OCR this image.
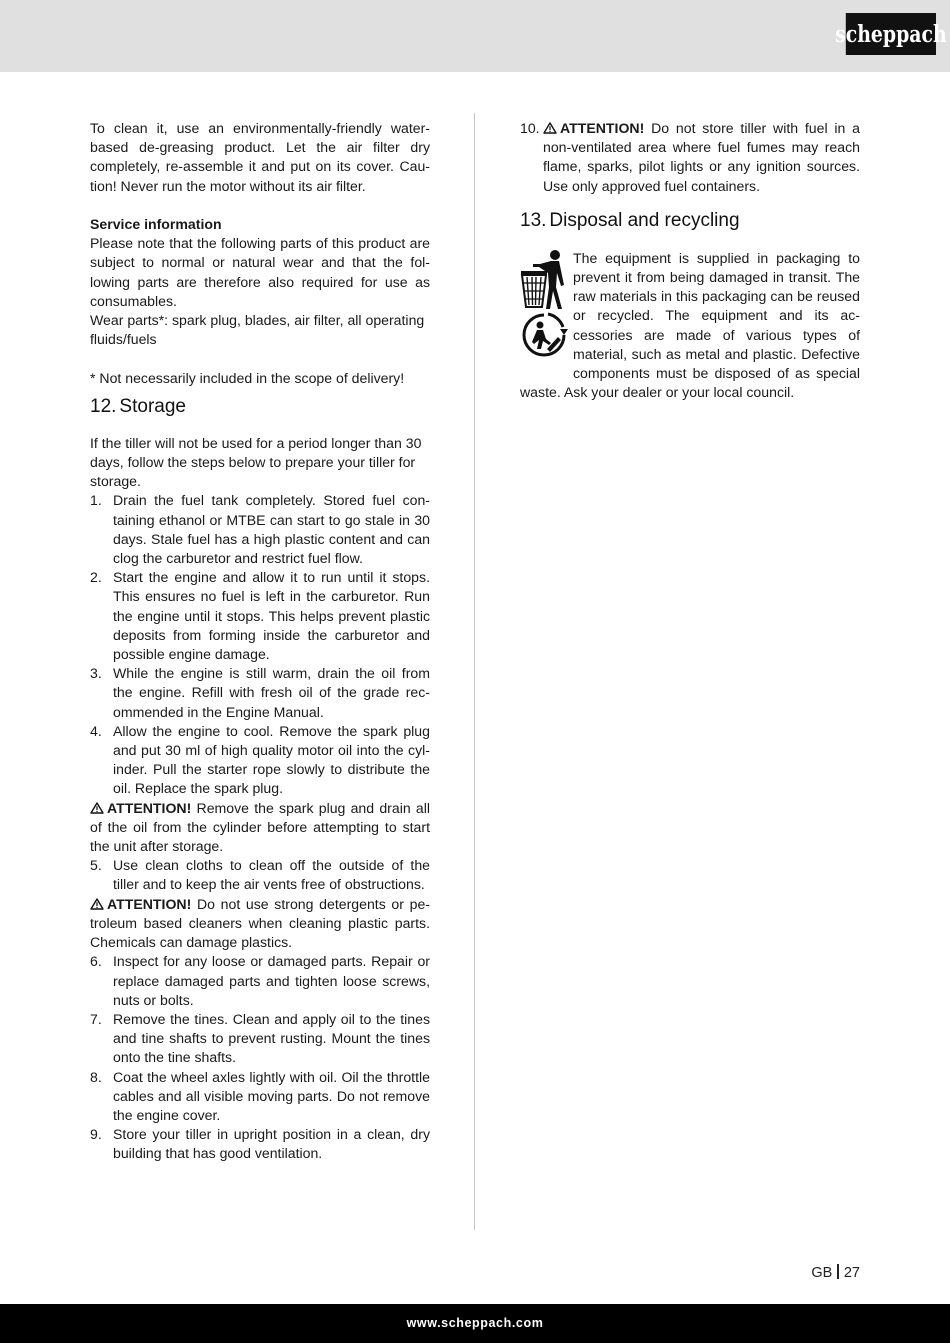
scheppach

To clean it, use an environmentally-friendly water-based de-greasing product. Let the air filter dry completely, re-assemble it and put on its cover. Caution! Never run the motor without its air filter.

Service information

Please note that the following parts of this product are subject to normal or natural wear and that the following parts are therefore also required for use as consumables.

Wear parts*: spark plug, blades, air filter, all operating fluids/fuels

* Not necessarily included in the scope of delivery!

12. Storage

If the tiller will not be used for a period longer than 30 days, follow the steps below to prepare your tiller for storage.

1. Drain the fuel tank completely. Stored fuel containing ethanol or MTBE can start to go stale in 30 days. Stale fuel has a high plastic content and can clog the carburetor and restrict fuel flow.
2. Start the engine and allow it to run until it stops. This ensures no fuel is left in the carburetor. Run the engine until it stops. This helps prevent plastic deposits from forming inside the carburetor and possible engine damage.
3. While the engine is still warm, drain the oil from the engine. Refill with fresh oil of the grade recommended in the Engine Manual.
4. Allow the engine to cool. Remove the spark plug and put 30 ml of high quality motor oil into the cylinder. Pull the starter rope slowly to distribute the oil. Replace the spark plug.

ATTENTION! Remove the spark plug and drain all of the oil from the cylinder before attempting to start the unit after storage.

5. Use clean cloths to clean off the outside of the tiller and to keep the air vents free of obstructions.

ATTENTION! Do not use strong detergents or petroleum based cleaners when cleaning plastic parts. Chemicals can damage plastics.

6. Inspect for any loose or damaged parts. Repair or replace damaged parts and tighten loose screws, nuts or bolts.
7. Remove the tines. Clean and apply oil to the tines and tine shafts to prevent rusting. Mount the tines onto the tine shafts.
8. Coat the wheel axles lightly with oil. Oil the throttle cables and all visible moving parts. Do not remove the engine cover.
9. Store your tiller in upright position in a clean, dry building that has good ventilation.
10. ATTENTION! Do not store tiller with fuel in a non-ventilated area where fuel fumes may reach flame, sparks, pilot lights or any ignition sources. Use only approved fuel containers.
13. Disposal and recycling

The equipment is supplied in packaging to prevent it from being damaged in transit. The raw materials in this packaging can be reused or recycled. The equipment and its accessories are made of various types of material, such as metal and plastic. Defective components must be disposed of as special waste. Ask your dealer or your local council.

GB 27
www.scheppach.com
